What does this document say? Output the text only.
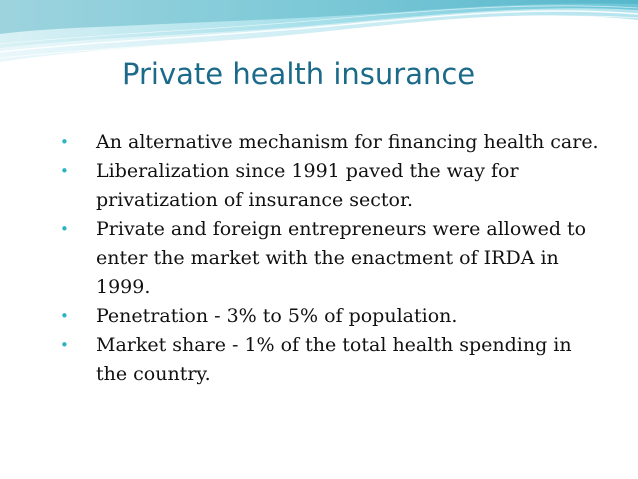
Private health insurance
•	An alternative mechanism for financing health care.
•	Liberalization since 1991 paved the way for privatization of insurance sector.
•	Private and foreign entrepreneurs were allowed to enter the market with the enactment of IRDA in 1999.
•	Penetration - 3% to 5% of population.
•	Market share - 1% of the total health spending in the country.
